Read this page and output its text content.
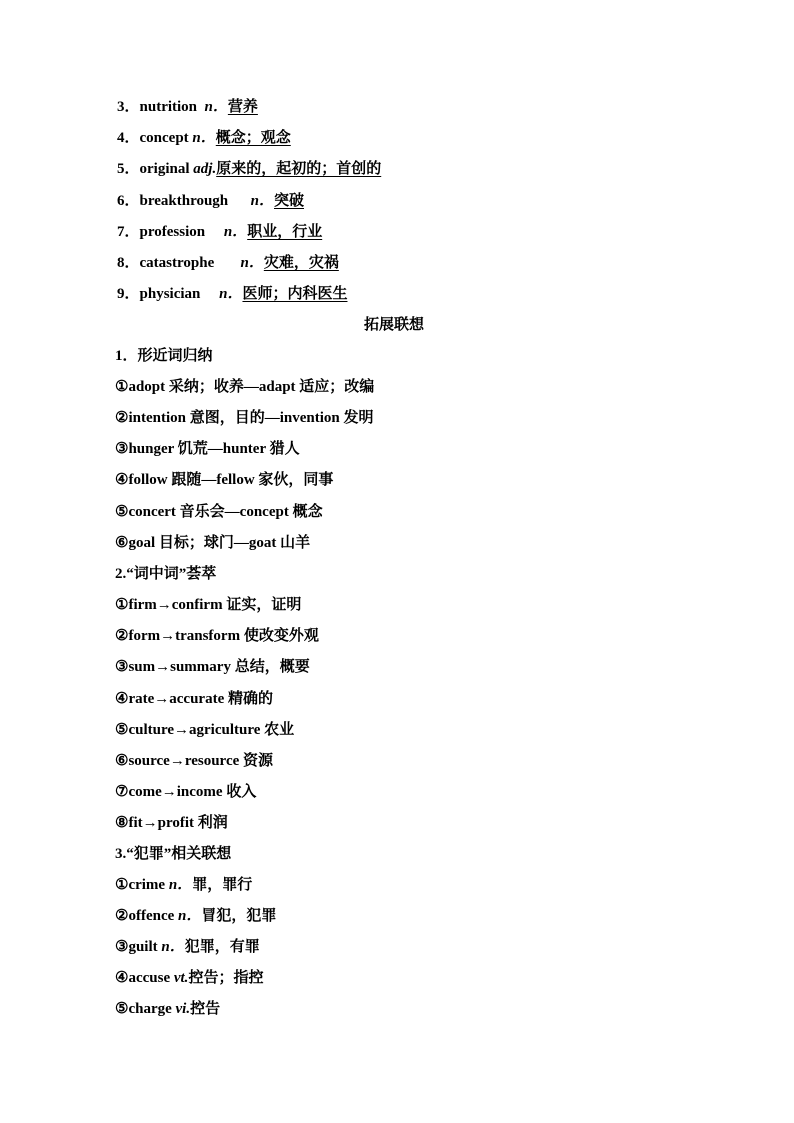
3．nutrition n．营养
4．concept n．概念；观念
5．original adj.原来的，起初的；首创的
6．breakthrough n．突破
7．profession n．职业，行业
8．catastrophe n．灾难，灾祸
9．physician n．医师；内科医生
拓展联想
1．形近词归纳
①adopt 采纳；收养—adapt 适应；改编
②intention 意图，目的—invention 发明
③hunger 饥荒—hunter 猎人
④follow 跟随—fellow 家伙，同事
⑤concert 音乐会—concept 概念
⑥goal 目标；球门—goat 山羊
2.“词中词”荟萃
①firm→confirm 证实，证明
②form→transform 使改变外观
③sum→summary 总结，概要
④rate→accurate 精确的
⑤culture→agriculture 农业
⑥source→resource 资源
⑦come→income 收入
⑧fit→profit 利润
3.“犯罪”相关联想
①crime n．罪，罪行
②offence n．冒犯，犯罪
③guilt n．犯罪，有罪
④accuse vt.控告；指控
⑤charge vi.控告
